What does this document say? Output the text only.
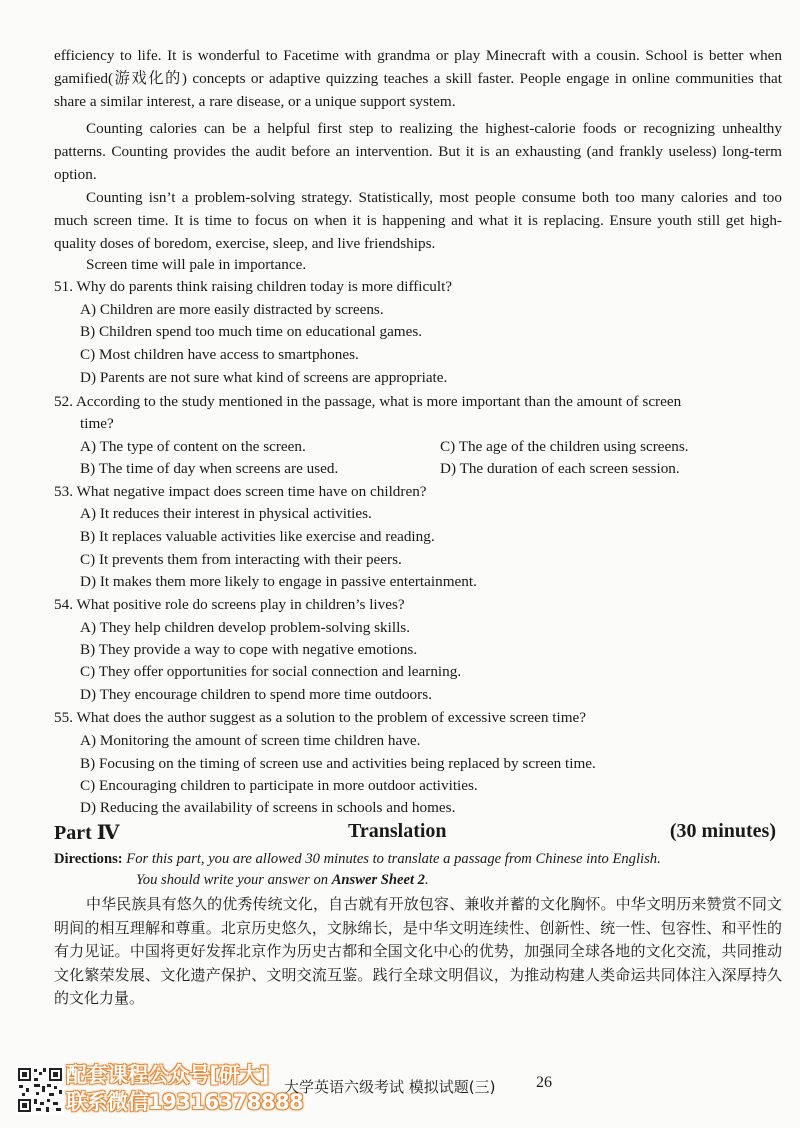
efficiency to life. It is wonderful to Facetime with grandma or play Minecraft with a cousin. School is better when gamified(游戏化的) concepts or adaptive quizzing teaches a skill faster. People engage in online communities that share a similar interest, a rare disease, or a unique support system.

Counting calories can be a helpful first step to realizing the highest-calorie foods or recognizing unhealthy patterns. Counting provides the audit before an intervention. But it is an exhausting (and frankly useless) long-term option.

Counting isn’t a problem-solving strategy. Statistically, most people consume both too many calories and too much screen time. It is time to focus on when it is happening and what it is replacing. Ensure youth still get high-quality doses of boredom, exercise, sleep, and live friendships.

Screen time will pale in importance.

51. Why do parents think raising children today is more difficult?
A) Children are more easily distracted by screens.
B) Children spend too much time on educational games.
C) Most children have access to smartphones.
D) Parents are not sure what kind of screens are appropriate.
52. According to the study mentioned in the passage, what is more important than the amount of screen
time?
A) The type of content on the screen.	C) The age of the children using screens.
B) The time of day when screens are used.	D) The duration of each screen session.
53. What negative impact does screen time have on children?
A) It reduces their interest in physical activities.
B) It replaces valuable activities like exercise and reading.
C) It prevents them from interacting with their peers.
D) It makes them more likely to engage in passive entertainment.
54. What positive role do screens play in children’s lives?
A) They help children develop problem-solving skills.
B) They provide a way to cope with negative emotions.
C) They offer opportunities for social connection and learning.
D) They encourage children to spend more time outdoors.
55. What does the author suggest as a solution to the problem of excessive screen time?
A) Monitoring the amount of screen time children have.
B) Focusing on the timing of screen use and activities being replaced by screen time.
C) Encouraging children to participate in more outdoor activities.
D) Reducing the availability of screens in schools and homes.
Part Ⅳ	Translation	(30 minutes)
Directions: For this part, you are allowed 30 minutes to translate a passage from Chinese into English.
You should write your answer on Answer Sheet 2.

中华民族具有悠久的优秀传统文化，自古就有开放包容、兼收并蓄的文化胸怀。中华文明历来赞赏不同文明间的相互理解和尊重。北京历史悠久，文脉绵长，是中华文明连续性、创新性、统一性、包容性、和平性的有力见证。中国将更好发挥北京作为历史古都和全国文化中心的优势，加强同全球各地的文化交流，共同推动文化繁荣发展、文化遗产保护、文明交流互鉴。践行全球文明倡议，为推动构建人类命运共同体注入深厚持久的文化力量。

配套课程公众号[研大]
联系微信19316378888
大学英语六级考试 模拟试题(三)	26
